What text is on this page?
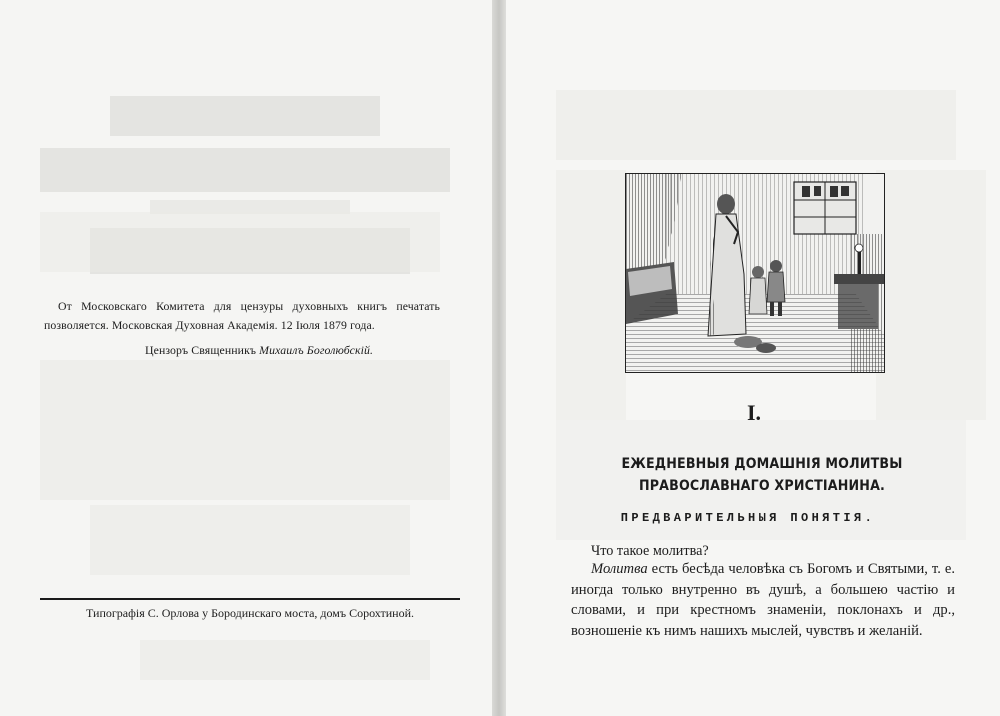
От Московскаго Комитета для цензуры духовныхъ книгъ печатать позволяется. Московская Духовная Академія. 12 Іюля 1879 года.

Цензоръ Священникъ Михаилъ Боголюбскій.

Типографія С. Орлова у Бородинскаго моста, домъ Сорохтиной.
I.
ЕЖЕДНЕВНЫЯ ДОМАШНІЯ МОЛИТВЫ ПРАВОСЛАВНАГО ХРИСТІАНИНА.
ПРЕДВАРИТЕЛЬНЫЯ ПОНЯТІЯ.
Что такое молитва?

Молитва есть бесѣда человѣка съ Богомъ и Святыми, т. е. иногда только внутренно въ душѣ, а большею частію и словами, и при крестномъ знаменіи, поклонахъ и др., возношеніе къ нимъ нашихъ мыслей, чувствъ и желаній.
